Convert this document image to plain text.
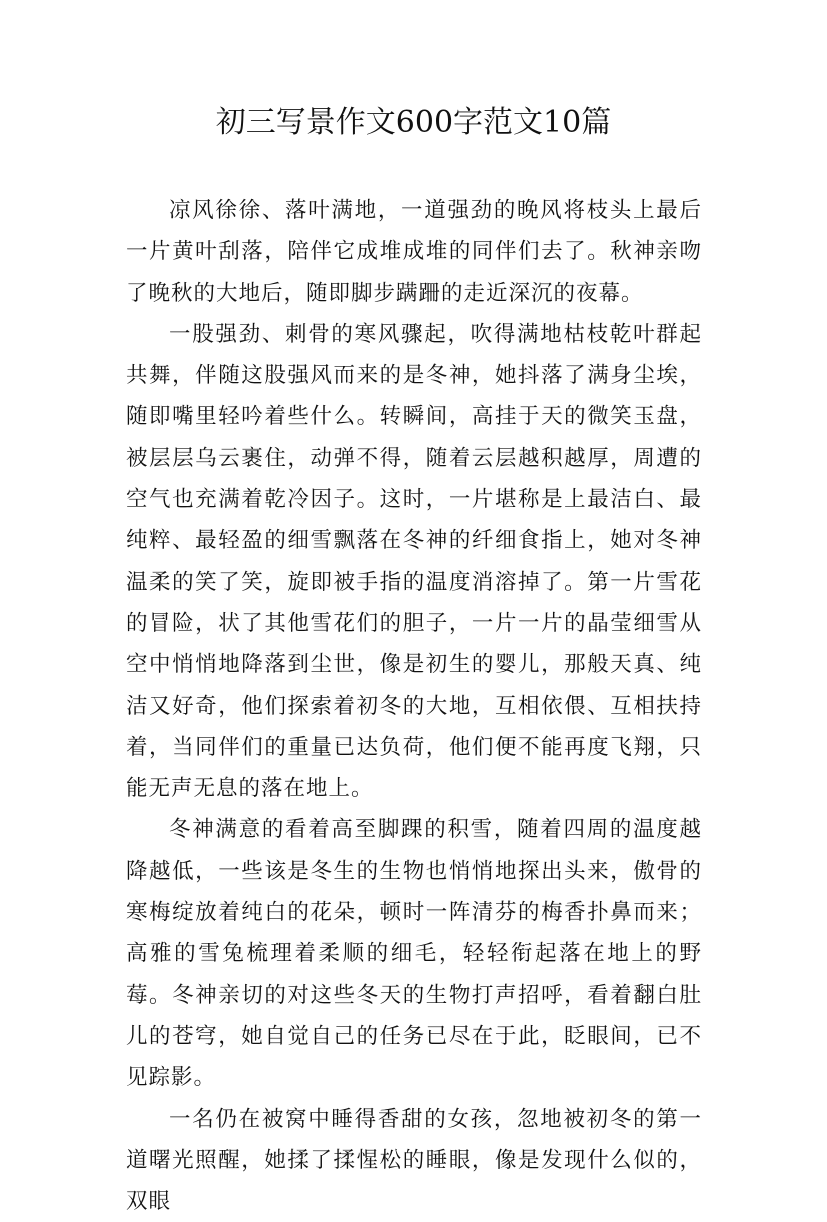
初三写景作文600字范文10篇

凉风徐徐、落叶满地，一道强劲的晚风将枝头上最后一片黄叶刮落，陪伴它成堆成堆的同伴们去了。秋神亲吻了晚秋的大地后，随即脚步蹒跚的走近深沉的夜幕。

一股强劲、刺骨的寒风骤起，吹得满地枯枝乾叶群起共舞，伴随这股强风而来的是冬神，她抖落了满身尘埃，随即嘴里轻吟着些什么。转瞬间，高挂于天的微笑玉盘，被层层乌云裹住，动弹不得，随着云层越积越厚，周遭的空气也充满着乾冷因子。这时，一片堪称是上最洁白、最纯粹、最轻盈的细雪飘落在冬神的纤细食指上，她对冬神温柔的笑了笑，旋即被手指的温度消溶掉了。第一片雪花的冒险，状了其他雪花们的胆子，一片一片的晶莹细雪从空中悄悄地降落到尘世，像是初生的婴儿，那般天真、纯洁又好奇，他们探索着初冬的大地，互相依偎、互相扶持着，当同伴们的重量已达负荷，他们便不能再度飞翔，只能无声无息的落在地上。

冬神满意的看着高至脚踝的积雪，随着四周的温度越降越低，一些该是冬生的生物也悄悄地探出头来，傲骨的寒梅绽放着纯白的花朵，顿时一阵清芬的梅香扑鼻而来；高雅的雪兔梳理着柔顺的细毛，轻轻衔起落在地上的野莓。冬神亲切的对这些冬天的生物打声招呼，看着翻白肚儿的苍穹，她自觉自己的任务已尽在于此，眨眼间，已不见踪影。

一名仍在被窝中睡得香甜的女孩，忽地被初冬的第一道曙光照醒，她揉了揉惺松的睡眼，像是发现什么似的，双眼
